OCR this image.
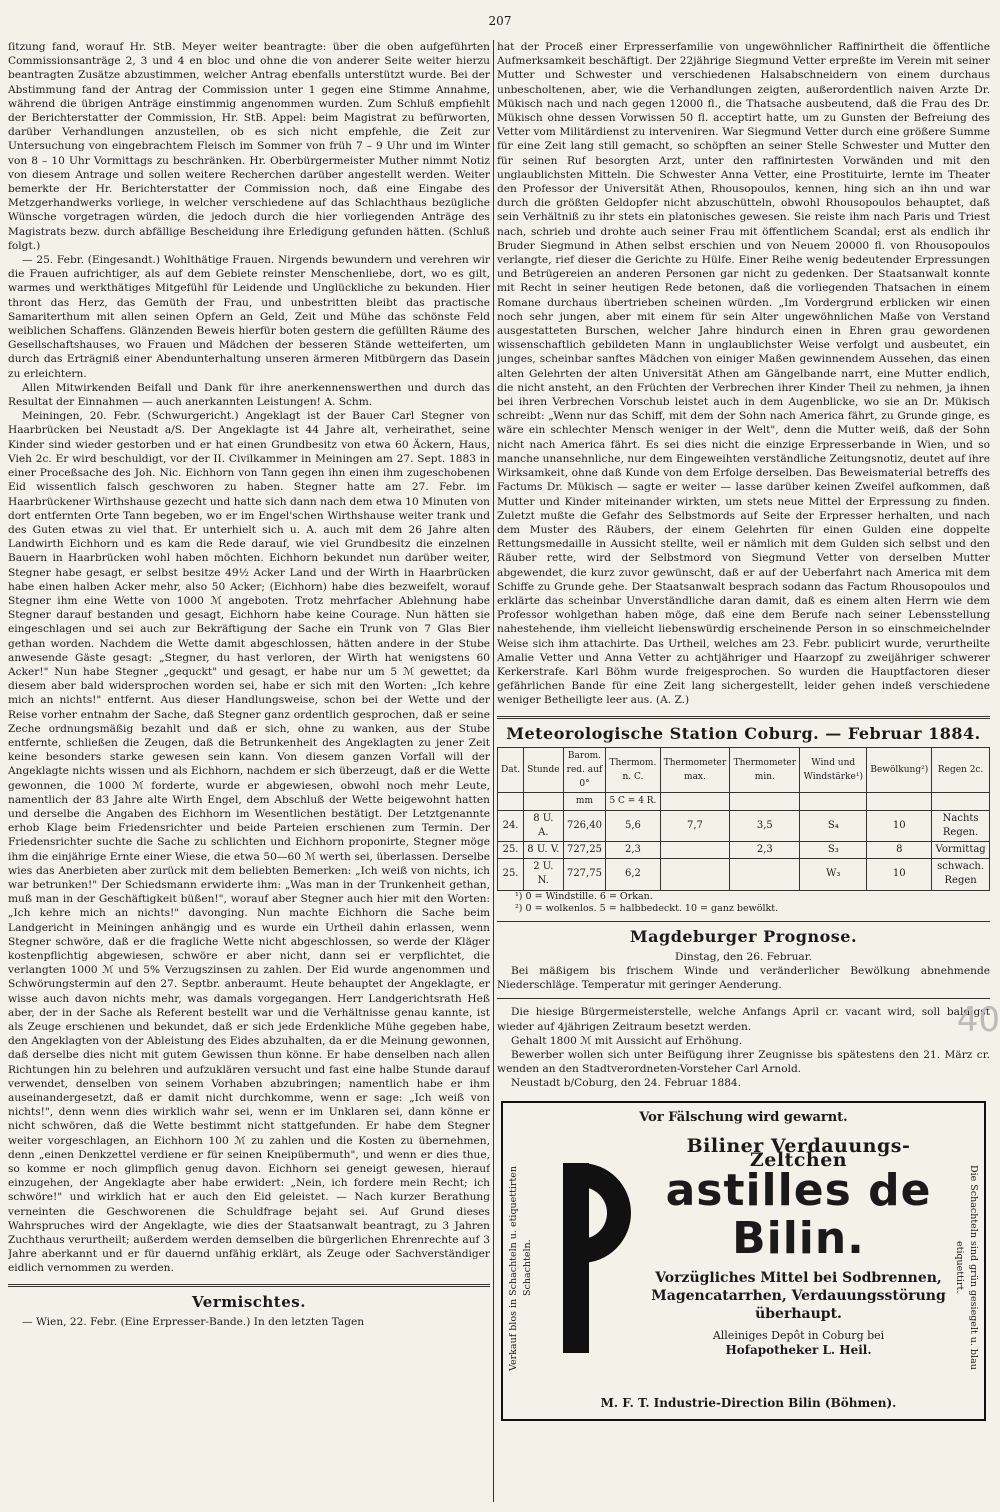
207

ſitzung fand, worauf Hr. StB. Meyer weiter beantragte: über die oben aufgeführten Commissionsanträge 2, 3 und 4 en bloc und ohne die von anderer Seite weiter hierzu beantragten Zusätze abzustimmen, welcher Antrag ebenfalls unterstützt wurde. Bei der Abstimmung fand der Antrag der Commission unter 1 gegen eine Stimme Annahme, während die übrigen Anträge einstimmig angenommen wurden. Zum Schluß empfiehlt der Berichterstatter der Commission, Hr. StB. Appel: beim Magistrat zu befürworten, darüber Verhandlungen anzustellen, ob es sich nicht empfehle, die Zeit zur Untersuchung von eingebrachtem Fleisch im Sommer von früh 7 – 9 Uhr und im Winter von 8 – 10 Uhr Vormittags zu beschränken. Hr. Oberbürgermeister Muther nimmt Notiz von diesem Antrage und sollen weitere Recherchen darüber angestellt werden. Weiter bemerkte der Hr. Berichterstatter der Commission noch, daß eine Eingabe des Metzgerhandwerks vorliege, in welcher verschiedene auf das Schlachthaus bezügliche Wünsche vorgetragen würden, die jedoch durch die hier vorliegenden Anträge des Magistrats bezw. durch abfällige Bescheidung ihre Erledigung gefunden hätten. (Schluß folgt.)

— 25. Febr. (Eingesandt.) Wohlthätige Frauen. Nirgends bewundern und verehren wir die Frauen aufrichtiger, als auf dem Gebiete reinster Menschenliebe, dort, wo es gilt, warmes und werkthätiges Mitgefühl für Leidende und Unglückliche zu bekunden. Hier thront das Herz, das Gemüth der Frau, und unbestritten bleibt das practische Samariterthum mit allen seinen Opfern an Geld, Zeit und Mühe das schönste Feld weiblichen Schaffens. Glänzenden Beweis hierfür boten gestern die gefüllten Räume des Gesellschaftshauses, wo Frauen und Mädchen der besseren Stände wetteiferten, um durch das Erträgniß einer Abendunterhaltung unseren ärmeren Mitbürgern das Dasein zu erleichtern.

Allen Mitwirkenden Beifall und Dank für ihre anerkennenswerthen und durch das Resultat der Einnahmen — auch anerkannten Leistungen! A. Schm.

Meiningen, 20. Febr. (Schwurgericht.) Angeklagt ist der Bauer Carl Stegner von Haarbrücken bei Neustadt a/S. Der Angeklagte ist 44 Jahre alt, verheirathet, seine Kinder sind wieder gestorben und er hat einen Grundbesitz von etwa 60 Äckern, Haus, Vieh 2c. Er wird beschuldigt, vor der II. Civilkammer in Meiningen am 27. Sept. 1883 in einer Proceßsache des Joh. Nic. Eichhorn von Tann gegen ihn einen ihm zugeschobenen Eid wissentlich falsch geschworen zu haben. Stegner hatte am 27. Febr. im Haarbrückener Wirthshause gezecht und hatte sich dann nach dem etwa 10 Minuten von dort entfernten Orte Tann begeben, wo er im Engel'schen Wirthshause weiter trank und des Guten etwas zu viel that. Er unterhielt sich u. A. auch mit dem 26 Jahre alten Landwirth Eichhorn und es kam die Rede darauf, wie viel Grundbesitz die einzelnen Bauern in Haarbrücken wohl haben möchten. Eichhorn bekundet nun darüber weiter, Stegner habe gesagt, er selbst besitze 49½ Acker Land und der Wirth in Haarbrücken habe einen halben Acker mehr, also 50 Acker; (Eichhorn) habe dies bezweifelt, worauf Stegner ihm eine Wette von 1000 ℳ angeboten. Trotz mehrfacher Ablehnung habe Stegner darauf bestanden und gesagt, Eichhorn habe keine Courage. Nun hätten sie eingeschlagen und sei auch zur Bekräftigung der Sache ein Trunk von 7 Glas Bier gethan worden. Nachdem die Wette damit abgeschlossen, hätten andere in der Stube anwesende Gäste gesagt: „Stegner, du hast verloren, der Wirth hat wenigstens 60 Acker!" Nun habe Stegner „gequckt" und gesagt, er habe nur um 5 ℳ gewettet; da diesem aber bald widersprochen worden sei, habe er sich mit den Worten: „Ich kehre mich an nichts!" entfernt. Aus dieser Handlungsweise, schon bei der Wette und der Reise vorher entnahm der Sache, daß Stegner ganz ordentlich gesprochen, daß er seine Zeche ordnungsmäßig bezahlt und daß er sich, ohne zu wanken, aus der Stube entfernte, schließen die Zeugen, daß die Betrunkenheit des Angeklagten zu jener Zeit keine besonders starke gewesen sein kann. Von diesem ganzen Vorfall will der Angeklagte nichts wissen und als Eichhorn, nachdem er sich überzeugt, daß er die Wette gewonnen, die 1000 ℳ forderte, wurde er abgewiesen, obwohl noch mehr Leute, namentlich der 83 Jahre alte Wirth Engel, dem Abschluß der Wette beigewohnt hatten und derselbe die Angaben des Eichhorn im Wesentlichen bestätigt. Der Letztgenannte erhob Klage beim Friedensrichter und beide Parteien erschienen zum Termin. Der Friedensrichter suchte die Sache zu schlichten und Eichhorn proponirte, Stegner möge ihm die einjährige Ernte einer Wiese, die etwa 50—60 ℳ werth sei, überlassen. Derselbe wies das Anerbieten aber zurück mit dem beliebten Bemerken: „Ich weiß von nichts, ich war betrunken!" Der Schiedsmann erwiderte ihm: „Was man in der Trunkenheit gethan, muß man in der Geschäftigkeit büßen!", worauf aber Stegner auch hier mit den Worten: „Ich kehre mich an nichts!" davonging. Nun machte Eichhorn die Sache beim Landgericht in Meiningen anhängig und es wurde ein Urtheil dahin erlassen, wenn Stegner schwöre, daß er die fragliche Wette nicht abgeschlossen, so werde der Kläger kostenpflichtig abgewiesen, schwöre er aber nicht, dann sei er verpflichtet, die verlangten 1000 ℳ und 5% Verzugszinsen zu zahlen. Der Eid wurde angenommen und Schwörungstermin auf den 27. Septbr. anberaumt. Heute behauptet der Angeklagte, er wisse auch davon nichts mehr, was damals vorgegangen. Herr Landgerichtsrath Heß aber, der in der Sache als Referent bestellt war und die Verhältnisse genau kannte, ist als Zeuge erschienen und bekundet, daß er sich jede Erdenkliche Mühe gegeben habe, den Angeklagten von der Ableistung des Eides abzuhalten, da er die Meinung gewonnen, daß derselbe dies nicht mit gutem Gewissen thun könne. Er habe denselben nach allen Richtungen hin zu belehren und aufzuklären versucht und fast eine halbe Stunde darauf verwendet, denselben von seinem Vorhaben abzubringen; namentlich habe er ihm auseinandergesetzt, daß er damit nicht durchkomme, wenn er sage: „Ich weiß von nichts!", denn wenn dies wirklich wahr sei, wenn er im Unklaren sei, dann könne er nicht schwören, daß die Wette bestimmt nicht stattgefunden. Er habe dem Stegner weiter vorgeschlagen, an Eichhorn 100 ℳ zu zahlen und die Kosten zu übernehmen, denn „einen Denkzettel verdiene er für seinen Kneipübermuth", und wenn er dies thue, so komme er noch glimpflich genug davon. Eichhorn sei geneigt gewesen, hierauf einzugehen, der Angeklagte aber habe erwidert: „Nein, ich fordere mein Recht; ich schwöre!" und wirklich hat er auch den Eid geleistet. — Nach kurzer Berathung verneinten die Geschworenen die Schuldfrage bejaht sei. Auf Grund dieses Wahrspruches wird der Angeklagte, wie dies der Staatsanwalt beantragt, zu 3 Jahren Zuchthaus verurtheilt; außerdem werden demselben die bürgerlichen Ehrenrechte auf 3 Jahre aberkannt und er für dauernd unfähig erklärt, als Zeuge oder Sachverständiger eidlich vernommen zu werden.

Vermischtes.

— Wien, 22. Febr. (Eine Erpresser-Bande.) In den letzten Tagen

hat der Proceß einer Erpresserfamilie von ungewöhnlicher Raffinirtheit die öffentliche Aufmerksamkeit beschäftigt. Der 22jährige Siegmund Vetter erpreßte im Verein mit seiner Mutter und Schwester und verschiedenen Halsabschneidern von einem durchaus unbescholtenen, aber, wie die Verhandlungen zeigten, außerordentlich naiven Arzte Dr. Mükisch nach und nach gegen 12000 fl., die Thatsache ausbeutend, daß die Frau des Dr. Mükisch ohne dessen Vorwissen 50 fl. acceptirt hatte, um zu Gunsten der Befreiung des Vetter vom Militärdienst zu interveniren. War Siegmund Vetter durch eine größere Summe für eine Zeit lang still gemacht, so schöpften an seiner Stelle Schwester und Mutter den für seinen Ruf besorgten Arzt, unter den raffinirtesten Vorwänden und mit den unglaublichsten Mitteln. Die Schwester Anna Vetter, eine Prostituirte, lernte im Theater den Professor der Universität Athen, Rhousopoulos, kennen, hing sich an ihn und war durch die größten Geldopfer nicht abzuschütteln, obwohl Rhousopoulos behauptet, daß sein Verhältniß zu ihr stets ein platonisches gewesen. Sie reiste ihm nach Paris und Triest nach, schrieb und drohte auch seiner Frau mit öffentlichem Scandal; erst als endlich ihr Bruder Siegmund in Athen selbst erschien und von Neuem 20000 fl. von Rhousopoulos verlangte, rief dieser die Gerichte zu Hülfe. Einer Reihe wenig bedeutender Erpressungen und Betrügereien an anderen Personen gar nicht zu gedenken. Der Staatsanwalt konnte mit Recht in seiner heutigen Rede betonen, daß die vorliegenden Thatsachen in einem Romane durchaus übertrieben scheinen würden. „Im Vordergrund erblicken wir einen noch sehr jungen, aber mit einem für sein Alter ungewöhnlichen Maße von Verstand ausgestatteten Burschen, welcher Jahre hindurch einen in Ehren grau gewordenen wissenschaftlich gebildeten Mann in unglaublichster Weise verfolgt und ausbeutet, ein junges, scheinbar sanftes Mädchen von einiger Maßen gewinnendem Aussehen, das einen alten Gelehrten der alten Universität Athen am Gängelbande narrt, eine Mutter endlich, die nicht ansteht, an den Früchten der Verbrechen ihrer Kinder Theil zu nehmen, ja ihnen bei ihren Verbrechen Vorschub leistet auch in dem Augenblicke, wo sie an Dr. Mükisch schreibt: „Wenn nur das Schiff, mit dem der Sohn nach America fährt, zu Grunde ginge, es wäre ein schlechter Mensch weniger in der Welt", denn die Mutter weiß, daß der Sohn nicht nach America fährt. Es sei dies nicht die einzige Erpresserbande in Wien, und so manche unansehnliche, nur dem Eingeweihten verständliche Zeitungsnotiz, deutet auf ihre Wirksamkeit, ohne daß Kunde von dem Erfolge derselben. Das Beweismaterial betreffs des Factums Dr. Mükisch — sagte er weiter — lasse darüber keinen Zweifel aufkommen, daß Mutter und Kinder miteinander wirkten, um stets neue Mittel der Erpressung zu finden. Zuletzt mußte die Gefahr des Selbstmords auf Seite der Erpresser herhalten, und nach dem Muster des Räubers, der einem Gelehrten für einen Gulden eine doppelte Rettungsmedaille in Aussicht stellte, weil er nämlich mit dem Gulden sich selbst und den Räuber rette, wird der Selbstmord von Siegmund Vetter von derselben Mutter abgewendet, die kurz zuvor gewünscht, daß er auf der Ueberfahrt nach America mit dem Schiffe zu Grunde gehe. Der Staatsanwalt besprach sodann das Factum Rhousopoulos und erklärte das scheinbar Unverständliche daran damit, daß es einem alten Herrn wie dem Professor wohlgethan haben möge, daß eine dem Berufe nach seiner Lebensstellung nahestehende, ihm vielleicht liebenswürdig erscheinende Person in so einschmeichelnder Weise sich ihm attachirte. Das Urtheil, welches am 23. Febr. publicirt wurde, verurtheilte Amalie Vetter und Anna Vetter zu achtjähriger und Haarzopf zu zweijähriger schwerer Kerkerstrafe. Karl Böhm wurde freigesprochen. So wurden die Hauptfactoren dieser gefährlichen Bande für eine Zeit lang sichergestellt, leider gehen indeß verschiedene weniger Betheiligte leer aus. (A. Z.)

Meteorologische Station Coburg. — Februar 1884.
Dat.	Stunde	Barom. red. auf 0°	Thermom. n. C.	Thermometer max.	Thermometer min.	Wind und Windstärke¹)	Bewölkung²)	Regen 2c.
		mm	5 C = 4 R.					
24.	8 U. A.	726,40	5,6	7,7	3,5	S₄	10	Nachts Regen.
25.	8 U. V.	727,25	2,3		2,3	S₃	8	Vormittag
25.	2 U. N.	727,75	6,2			W₃	10	schwach. Regen

¹) 0 = Windstille. 6 = Orkan.

²) 0 = wolkenlos. 5 = halbbedeckt. 10 = ganz bewölkt.

Magdeburger Prognose.

Dinstag, den 26. Februar.

Bei mäßigem bis frischem Winde und veränderlicher Bewölkung abnehmende Niederschläge. Temperatur mit geringer Aenderung.

Die hiesige Bürgermeisterstelle, welche Anfangs April cr. vacant wird, soll baldigst wieder auf 4jährigen Zeitraum besetzt werden.

Gehalt 1800 ℳ mit Aussicht auf Erhöhung.

Bewerber wollen sich unter Beifügung ihrer Zeugnisse bis spätestens den 21. März cr. wenden an den Stadtverordneten-Vorsteher Carl Arnold.

Neustadt b/Coburg, den 24. Februar 1884.

Vor Fälschung wird gewarnt.
Verkauf blos in Schachteln u. etiquettirten Schachteln.	Die Schachteln sind grün gesiegelt u. blau etiquettirt.
Biliner Verdauungs-Zeltchen
astilles de Bilin.
Vorzügliches Mittel bei Sodbrennen, Magencatarrhen, Verdauungsstörung überhaupt.
Alleiniges Depôt in Coburg bei
Hofapotheker L. Heil.
M. F. T. Industrie-Direction Bilin (Böhmen).
40
